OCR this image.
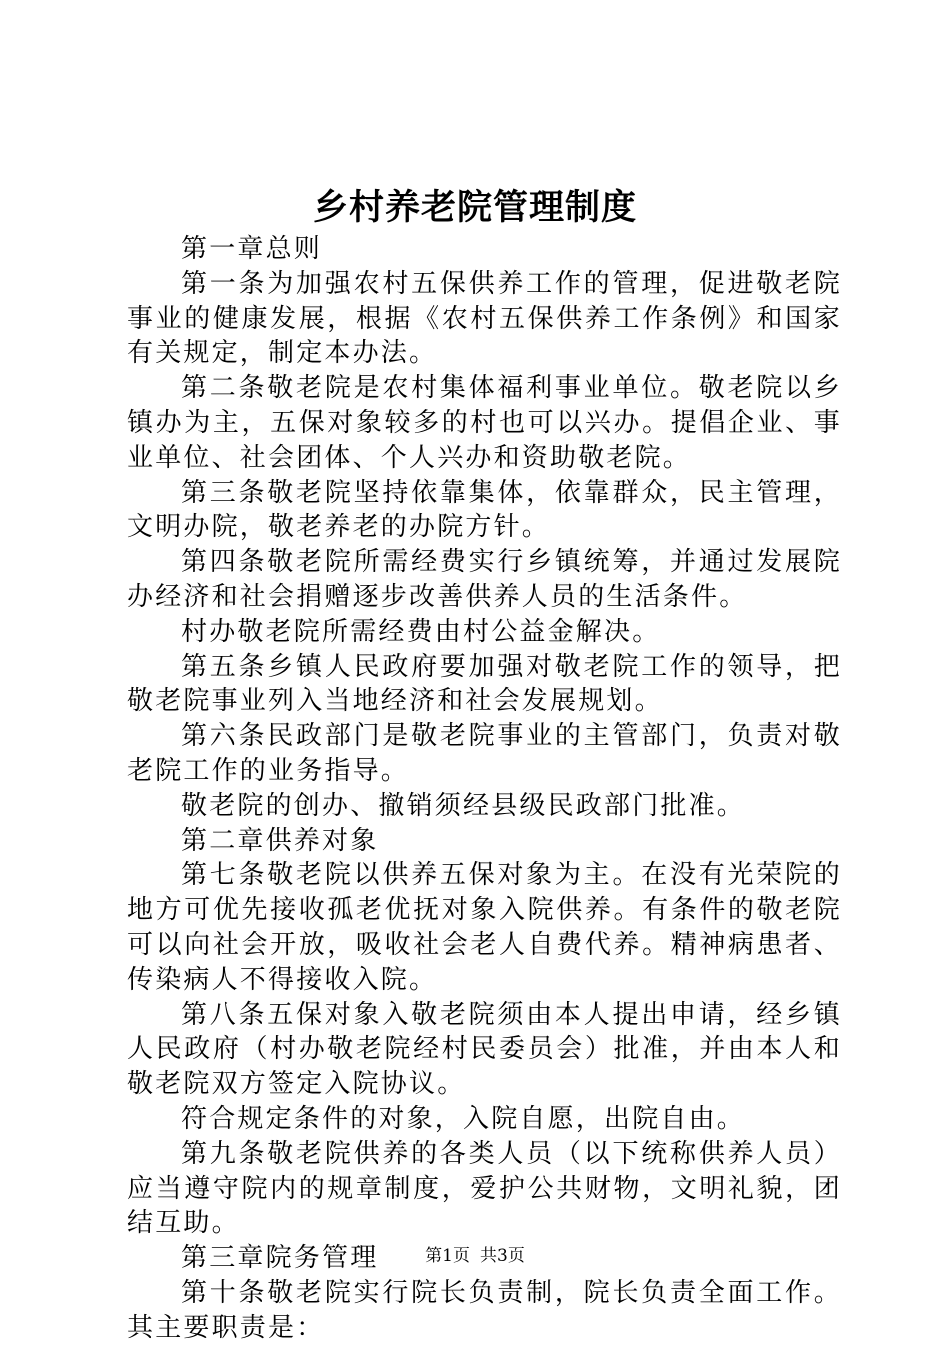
乡村养老院管理制度

第一章总则

第一条为加强农村五保供养工作的管理，促进敬老院事业的健康发展，根据《农村五保供养工作条例》和国家有关规定，制定本办法。

第二条敬老院是农村集体福利事业单位。敬老院以乡镇办为主，五保对象较多的村也可以兴办。提倡企业、事业单位、社会团体、个人兴办和资助敬老院。

第三条敬老院坚持依靠集体，依靠群众，民主管理，文明办院，敬老养老的办院方针。

第四条敬老院所需经费实行乡镇统筹，并通过发展院办经济和社会捐赠逐步改善供养人员的生活条件。

村办敬老院所需经费由村公益金解决。

第五条乡镇人民政府要加强对敬老院工作的领导，把敬老院事业列入当地经济和社会发展规划。

第六条民政部门是敬老院事业的主管部门，负责对敬老院工作的业务指导。

敬老院的创办、撤销须经县级民政部门批准。

第二章供养对象

第七条敬老院以供养五保对象为主。在没有光荣院的地方可优先接收孤老优抚对象入院供养。有条件的敬老院可以向社会开放，吸收社会老人自费代养。精神病患者、传染病人不得接收入院。

第八条五保对象入敬老院须由本人提出申请，经乡镇人民政府（村办敬老院经村民委员会）批准，并由本人和敬老院双方签定入院协议。

符合规定条件的对象，入院自愿，出院自由。

第九条敬老院供养的各类人员（以下统称供养人员）应当遵守院内的规章制度，爱护公共财物，文明礼貌，团结互助。

第三章院务管理

第十条敬老院实行院长负责制，院长负责全面工作。其主要职责是：

第1页 共3页
